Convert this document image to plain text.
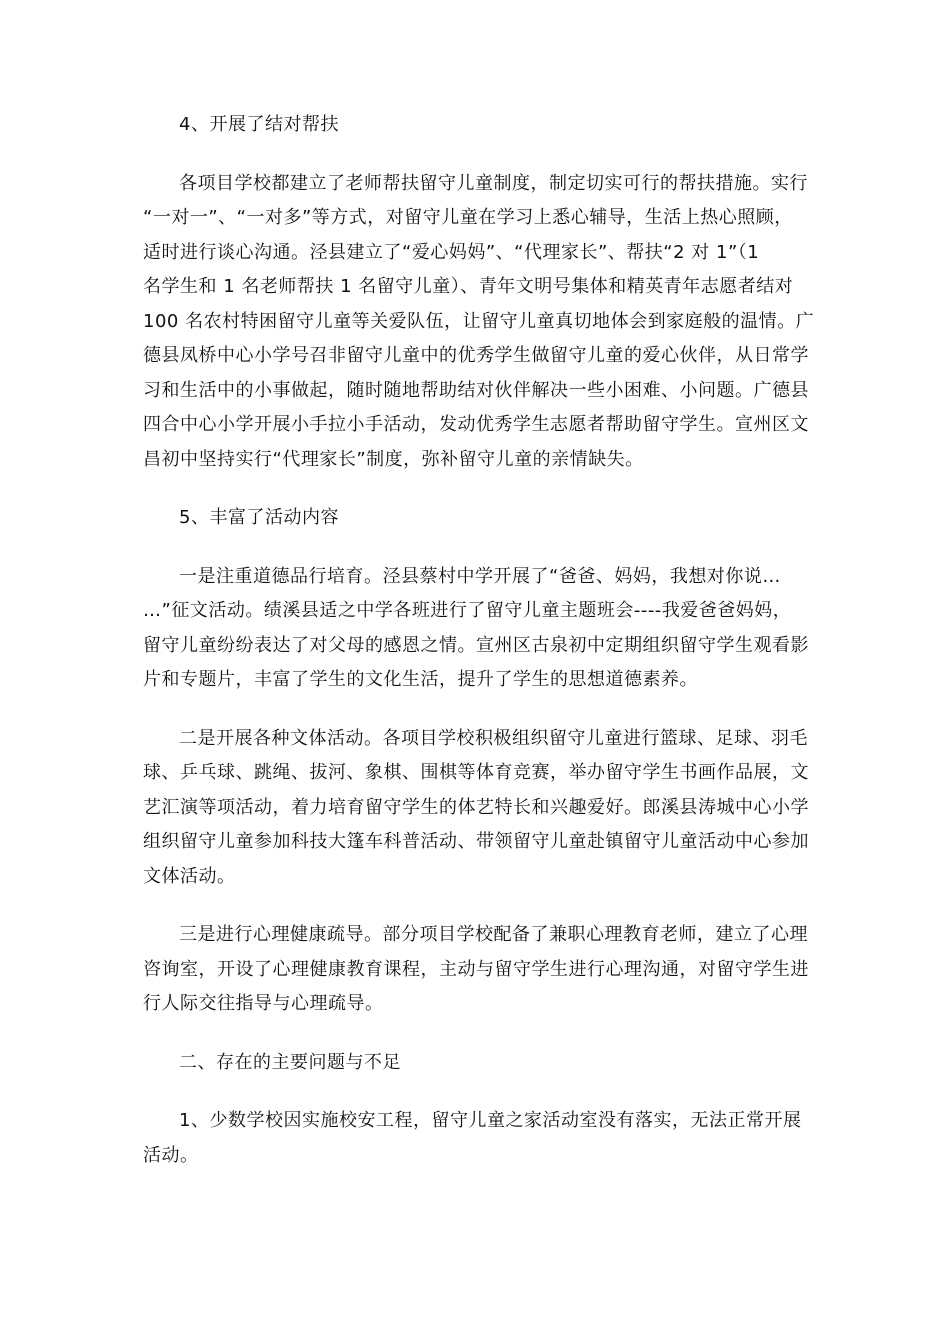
4、开展了结对帮扶
各项目学校都建立了老师帮扶留守儿童制度，制定切实可行的帮扶措施。实行
“一对一”、“一对多”等方式，对留守儿童在学习上悉心辅导，生活上热心照顾，
适时进行谈心沟通。泾县建立了“爱心妈妈”、“代理家长”、帮扶“2 对 1”（1
名学生和 1 名老师帮扶 1 名留守儿童）、青年文明号集体和精英青年志愿者结对
100 名农村特困留守儿童等关爱队伍，让留守儿童真切地体会到家庭般的温情。广
德县凤桥中心小学号召非留守儿童中的优秀学生做留守儿童的爱心伙伴，从日常学
习和生活中的小事做起，随时随地帮助结对伙伴解决一些小困难、小问题。广德县
四合中心小学开展小手拉小手活动，发动优秀学生志愿者帮助留守学生。宣州区文
昌初中坚持实行“代理家长”制度，弥补留守儿童的亲情缺失。
5、丰富了活动内容
一是注重道德品行培育。泾县蔡村中学开展了“爸爸、妈妈，我想对你说…
…”征文活动。绩溪县适之中学各班进行了留守儿童主题班会----我爱爸爸妈妈，
留守儿童纷纷表达了对父母的感恩之情。宣州区古泉初中定期组织留守学生观看影
片和专题片，丰富了学生的文化生活，提升了学生的思想道德素养。
二是开展各种文体活动。各项目学校积极组织留守儿童进行篮球、足球、羽毛
球、乒乓球、跳绳、拔河、象棋、围棋等体育竞赛，举办留守学生书画作品展，文
艺汇演等项活动，着力培育留守学生的体艺特长和兴趣爱好。郎溪县涛城中心小学
组织留守儿童参加科技大篷车科普活动、带领留守儿童赴镇留守儿童活动中心参加
文体活动。
三是进行心理健康疏导。部分项目学校配备了兼职心理教育老师，建立了心理
咨询室，开设了心理健康教育课程，主动与留守学生进行心理沟通，对留守学生进
行人际交往指导与心理疏导。
二、存在的主要问题与不足
1、少数学校因实施校安工程，留守儿童之家活动室没有落实，无法正常开展
活动。
